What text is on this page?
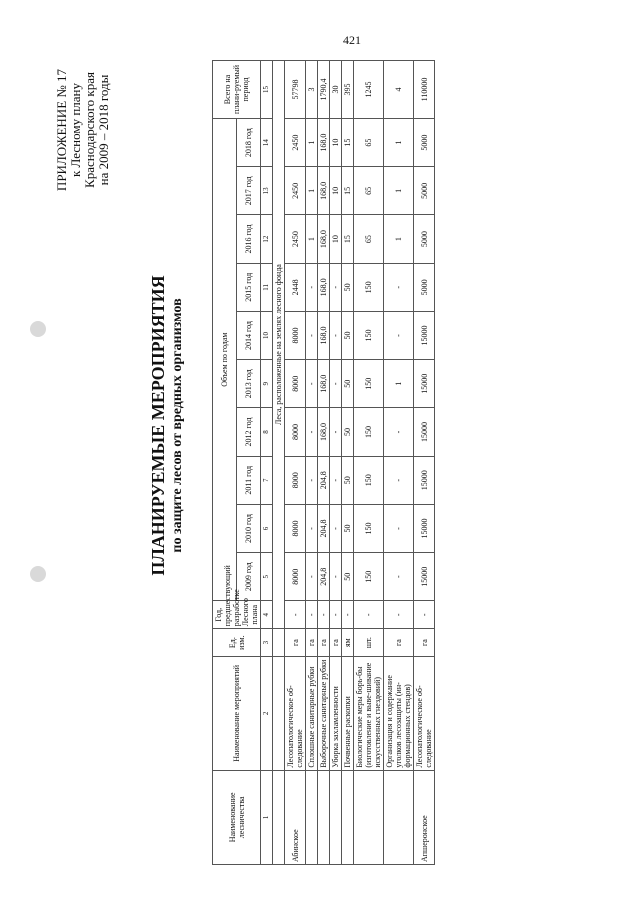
421
ПРИЛОЖЕНИЕ № 17 к Лесному плану Краснодарского края на 2009 – 2018 годы
ПЛАНИРУЕМЫЕ МЕРОПРИЯТИЯ по защите лесов от вредных организмов
Наименование лесничества	Наименование мероприятий	Ед. изм.	Год, предшествующий разработке Лесного плана	Объем по годам										Всего на плани-руемый период
				2009 год	2010 год	2011 год	2012 год	2013 год	2014 год	2015 год	2016 год	2017 год	2018 год	
1	2	3	4	5	6	7	8	9	10	11	12	13	14	15
			Леса, расположенные на землях лесного фонда											
Абинское	Лесопатологическое об-следование	га	-	8000	8000	8000	8000	8000	8000	2448	2450	2450	2450	57798
	Сплошные санитарные рубки	га	-	-	-	-	-	-	-	-	1	1	1	3
	Выборочные санитарные рубки	га	-	204,8	204,8	204,8	168,0	168,0	168,0	168,0	168,0	168,0	168,0	1790,4
	Уборка захламленности	га	-	-	-	-	-	-	-	-	10	10	10	30
	Почвенные раскопки	ям	-	50	50	50	50	50	50	50	15	15	15	395
	Биологические меры борь-бы (изготовление и выве-шивание искусственных гнездовий)	шт.	-	150	150	150	150	150	150	150	65	65	65	1245
	Организация и содержание уголков лесозащиты (ин-формационных стендов)	га	-	-	-	-	-	1	-	-	1	1	1	4
Апшеронское	Лесопатологическое об-следование	га	-	15000	15000	15000	15000	15000	15000	5000	5000	5000	5000	110000
